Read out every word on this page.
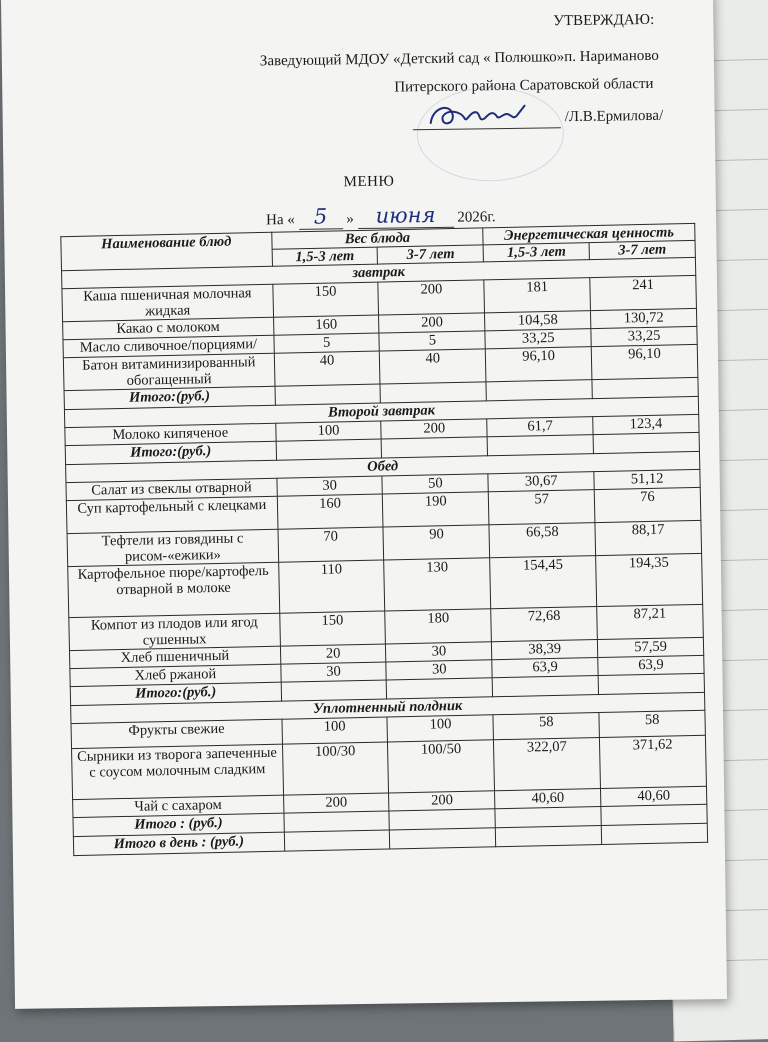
УТВЕРЖДАЮ:
Заведующий МДОУ «Детский сад « Полюшко»п. Нариманово
Питерского района Саратовской области
/Л.В.Ермилова/
МЕНЮ
На « 5 » июня 2026г.
Наименование блюд	Вес блюда		Энергетическая ценность	
	1,5-3 лет	3-7 лет	1,5-3 лет	3-7 лет
завтрак				
Каша пшеничная молочная жидкая	150	200	181	241
Какао с молоком	160	200	104,58	130,72
Масло сливочное/порциями/	5	5	33,25	33,25
Батон витаминизированный обогащенный	40	40	96,10	96,10
Итого:(руб.)				
Второй завтрак				
Молоко кипяченое	100	200	61,7	123,4
Итого:(руб.)				
Обед				
Салат из свеклы отварной	30	50	30,67	51,12
Суп картофельный с клецками	160	190	57	76
Тефтели из говядины с рисом-«ежики»	70	90	66,58	88,17
Картофельное пюре/картофель отварной в молоке	110	130	154,45	194,35
Компот из плодов или ягод сушенных	150	180	72,68	87,21
Хлеб пшеничный	20	30	38,39	57,59
Хлеб ржаной	30	30	63,9	63,9
Итого:(руб.)				
Уплотненный полдник				
Фрукты свежие	100	100	58	58
Сырники из творога запеченные с соусом молочным сладким	100/30	100/50	322,07	371,62
Чай с сахаром	200	200	40,60	40,60
Итого : (руб.)				
Итого в день : (руб.)				
